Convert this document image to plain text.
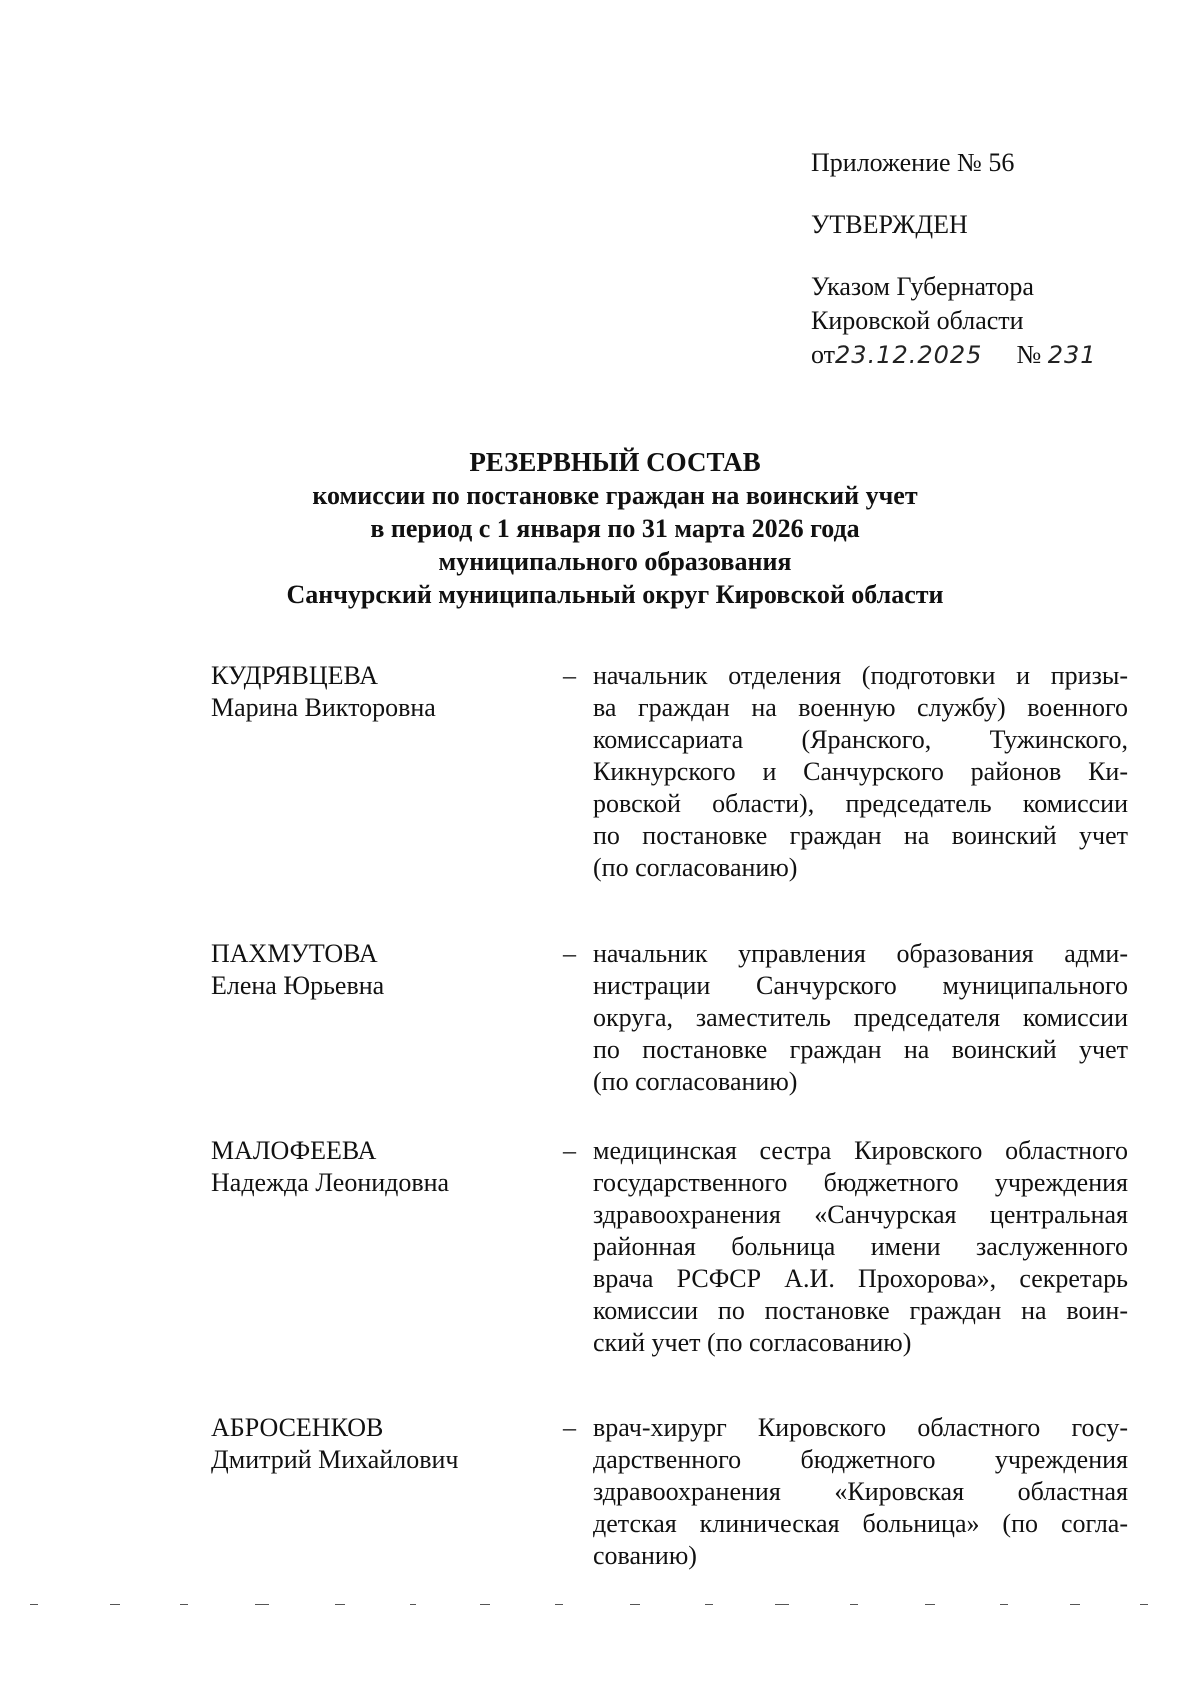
Приложение № 56
УТВЕРЖДЕН
Указом Губернатора
Кировской области
от23.12.2025 № 231
РЕЗЕРВНЫЙ СОСТАВ
комиссии по постановке граждан на воинский учет
в период с 1 января по 31 марта 2026 года
муниципального образования
Санчурский муниципальный округ Кировской области
КУДРЯВЦЕВА
Марина Викторовна
– начальник отделения (подготовки и призы-
ва граждан на военную службу) военного
комиссариата (Яранского, Тужинского,
Кикнурского и Санчурского районов Ки-
ровской области), председатель комиссии
по постановке граждан на воинский учет
(по согласованию)
ПАХМУТОВА
Елена Юрьевна
– начальник управления образования адми-
нистрации Санчурского муниципального
округа, заместитель председателя комиссии
по постановке граждан на воинский учет
(по согласованию)
МАЛОФЕЕВА
Надежда Леонидовна
– медицинская сестра Кировского областного
государственного бюджетного учреждения
здравоохранения «Санчурская центральная
районная больница имени заслуженного
врача РСФСР А.И. Прохорова», секретарь
комиссии по постановке граждан на воин-
ский учет (по согласованию)
АБРОСЕНКОВ
Дмитрий Михайлович
– врач-хирург Кировского областного госу-
дарственного бюджетного учреждения
здравоохранения «Кировская областная
детская клиническая больница» (по согла-
сованию)
